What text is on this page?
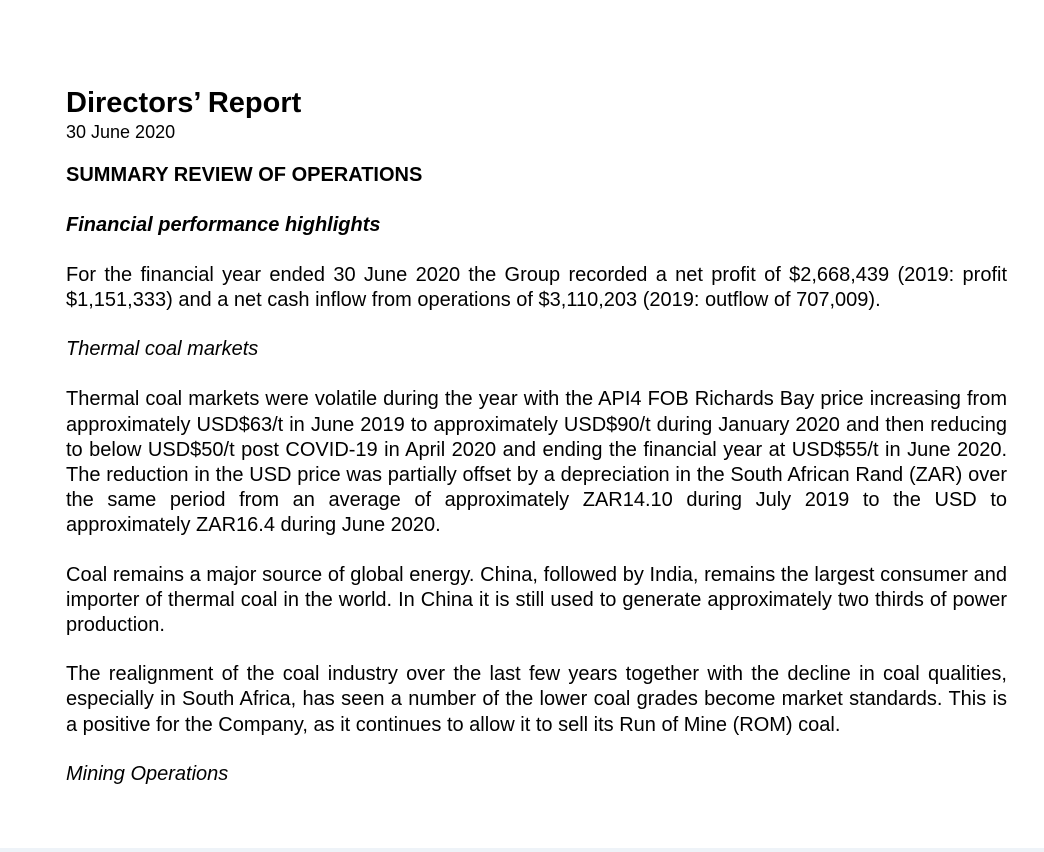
Directors’ Report
30 June 2020
SUMMARY REVIEW OF OPERATIONS
Financial performance highlights

For the financial year ended 30 June 2020 the Group recorded a net profit of $2,668,439 (2019: profit $1,151,333) and a net cash inflow from operations of $3,110,203 (2019: outflow of 707,009).

Thermal coal markets

Thermal coal markets were volatile during the year with the API4 FOB Richards Bay price increasing from approximately USD$63/t in June 2019 to approximately USD$90/t during January 2020 and then reducing to below USD$50/t post COVID-19 in April 2020 and ending the financial year at USD$55/t in June 2020. The reduction in the USD price was partially offset by a depreciation in the South African Rand (ZAR) over the same period from an average of approximately ZAR14.10 during July 2019 to the USD to approximately ZAR16.4 during June 2020.

Coal remains a major source of global energy. China, followed by India, remains the largest consumer and importer of thermal coal in the world. In China it is still used to generate approximately two thirds of power production.

The realignment of the coal industry over the last few years together with the decline in coal qualities, especially in South Africa, has seen a number of the lower coal grades become market standards. This is a positive for the Company, as it continues to allow it to sell its Run of Mine (ROM) coal.

Mining Operations
